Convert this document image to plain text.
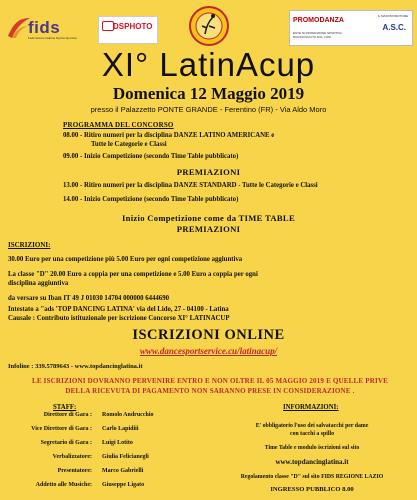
fids
Federazione Italiana Danza Sportiva
DSPHOTO
PROMODANZA
IL MAXIPROMOTORE
A.S.C.
ENTE DI PROMOZIONE SPORTIVA RICONOSCIUTO DAL CONI
XI° LatinAcup
Domenica 12 Maggio 2019
presso il Palazzetto PONTE GRANDE - Ferentino (FR) - Via Aldo Moro
PROGRAMMA DEL CONCORSO
08.00 - Ritiro numeri per la disciplina DANZE LATINO AMERICANE e
Tutte le Categorie e Classi
09.00 - Inizio Competizione (secondo Time Table pubblicato)
PREMIAZIONI
13.00 - Ritiro numeri per la disciplina DANZE STANDARD - Tutte le Categorie e Classi
14.00 - Inizio Competizione (secondo Time Table pubblicato)
Inizio Competizione come da TIME TABLE
PREMIAZIONI
ISCRIZIONI:
30.00 Euro per una competizione più 5.00 Euro per ogni competizione aggiuntiva
La classe "D" 20.00 Euro a coppia per una competizione e 5.00 Euro a coppia per ogni
disciplina aggiuntiva
da versare su Iban IT 49 J 01030 14704 000000 6444690
Intestato a "ads 'TOP DANCING LATINA' via del Lido, 27 - 04100 - Latina
Causale : Contributo istituzionale per iscrizione Concorso XI° LATINACUP
ISCRIZIONI ONLINE
www.dancesportservice.cu/latinacup/
Infoline : 339.5789643 - www.topdancinglatina.it
LE ISCRIZIONI DOVRANNO PERVENIRE ENTRO E NON OLTRE IL 05 MAGGIO 2019 E QUELLE PRIVE DELLA RICEVUTA DI PAGAMENTO NON SARANNO PRESE IN CONSIDERAZIONE .
STAFF:
Direttore di Gara : Romolo Andrucchio
Vice Direttore di Gara : Carlo Lapidiii
Segretario di Gara : Luigi Lotito
Verbalizzatore: Giulia Felicianegli
Presentatore: Marco Gabrielli
Addetto alle Musiche: Giuseppe Ligato
INFORMAZIONI:
E' obbligatorio l'uso dei salvatacchi per dame
con tacchi a spillo
Time Table e modulo iscrizioni sul sito
www.topdancinglatina.it
Regolamento classe "D" sul sito FIDS REGIONE LAZIO
INGRESSO PUBBLICO 8.00
